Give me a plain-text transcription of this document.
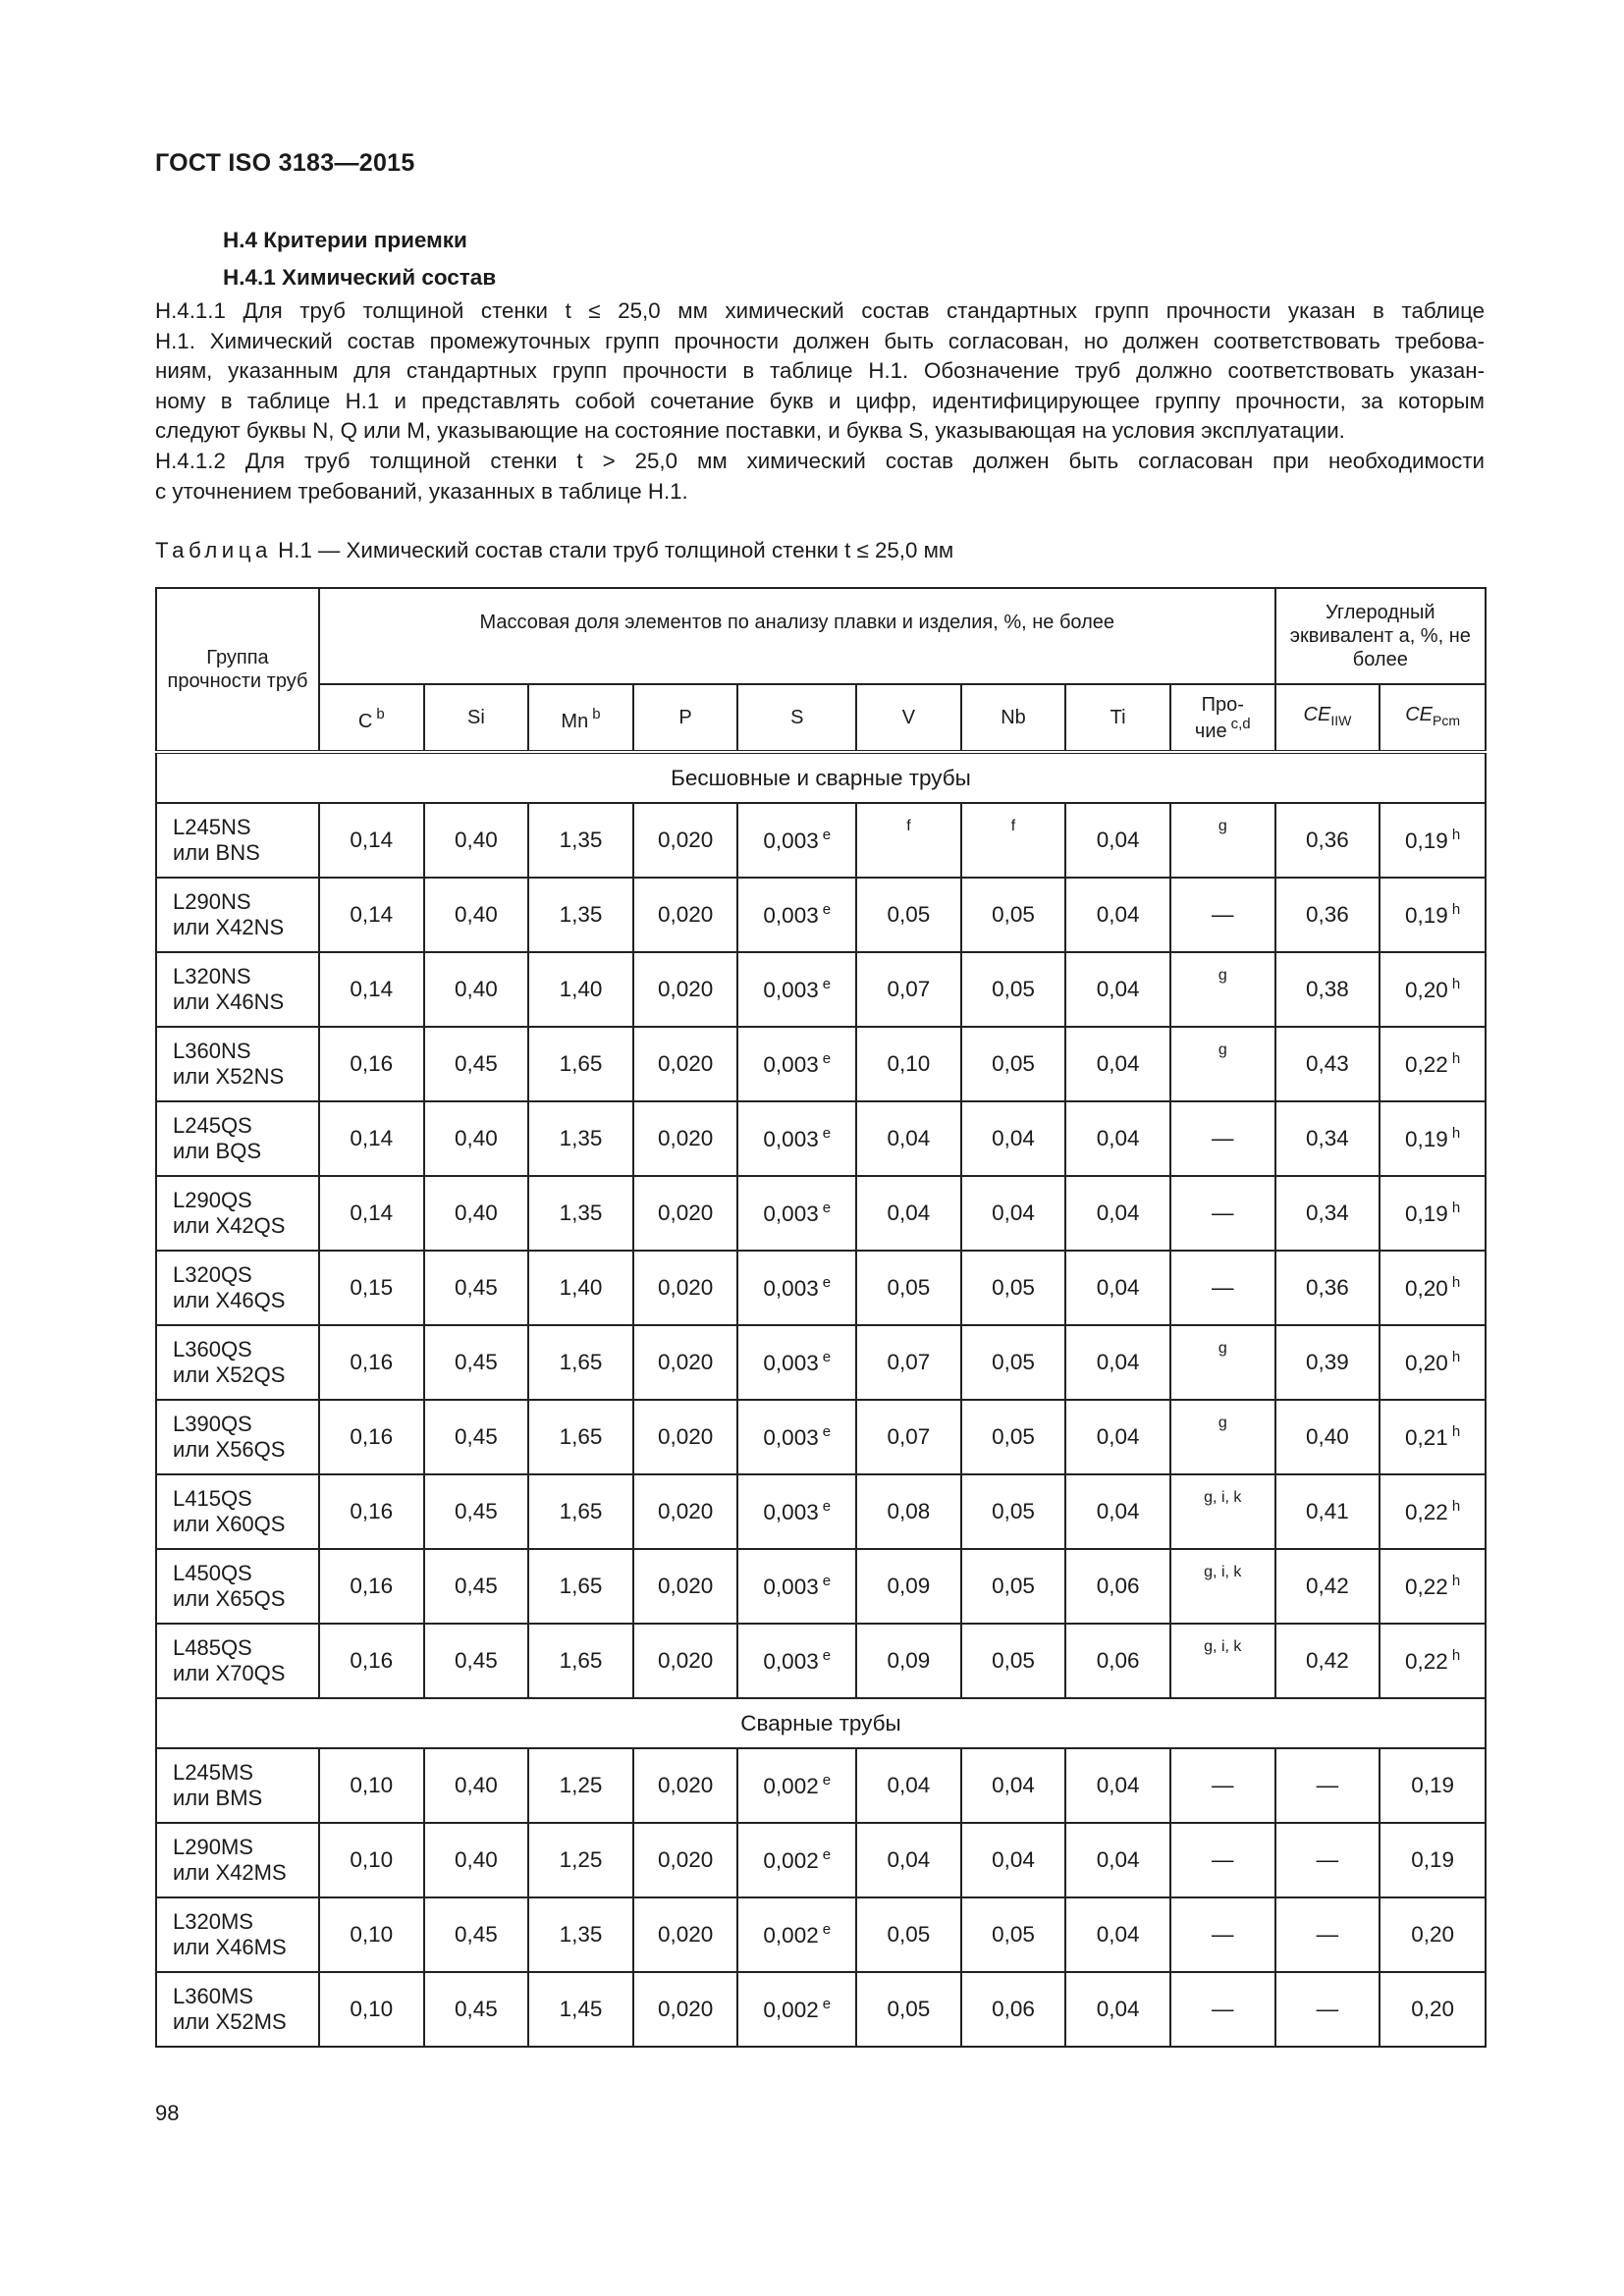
ГОСТ ISO 3183—2015
H.4 Критерии приемки
H.4.1 Химический состав
H.4.1.1 Для труб толщиной стенки t ≤ 25,0 мм химический состав стандартных групп прочности указан в таблице
H.1. Химический состав промежуточных групп прочности должен быть согласован, но должен соответствовать требова-
ниям, указанным для стандартных групп прочности в таблице H.1. Обозначение труб должно соответствовать указан-
ному в таблице H.1 и представлять собой сочетание букв и цифр, идентифицирующее группу прочности, за которым
следуют буквы N, Q или M, указывающие на состояние поставки, и буква S, указывающая на условия эксплуатации.
H.4.1.2 Для труб толщиной стенки t > 25,0 мм химический состав должен быть согласован при необходимости
с уточнением требований, указанных в таблице H.1.
Таблица H.1 — Химический состав стали труб толщиной стенки t ≤ 25,0 мм
Группа прочности труб	Массовая доля элементов по анализу плавки и изделия, %, не более									Углеродный эквивалент а, %, не более	
	C $^b$	Si	Mn $^b$	P	S	V	Nb	Ti	Про-чие $^{c,d}$	$CE_{IIW}$	$CE_{Pcm}$
Бесшовные и сварные трубы											

L245NS
или BNS	0,14	0,40	1,35	0,020	0,003 $^e$	f	f	0,04	g	0,36	0,19 $^h$

L290NS
или X42NS	0,14	0,40	1,35	0,020	0,003 $^e$	0,05	0,05	0,04	—	0,36	0,19 $^h$

L320NS
или X46NS	0,14	0,40	1,40	0,020	0,003 $^e$	0,07	0,05	0,04	g	0,38	0,20 $^h$

L360NS
или X52NS	0,16	0,45	1,65	0,020	0,003 $^e$	0,10	0,05	0,04	g	0,43	0,22 $^h$

L245QS
или BQS	0,14	0,40	1,35	0,020	0,003 $^e$	0,04	0,04	0,04	—	0,34	0,19 $^h$

L290QS
или X42QS	0,14	0,40	1,35	0,020	0,003 $^e$	0,04	0,04	0,04	—	0,34	0,19 $^h$

L320QS
или X46QS	0,15	0,45	1,40	0,020	0,003 $^e$	0,05	0,05	0,04	—	0,36	0,20 $^h$

L360QS
или X52QS	0,16	0,45	1,65	0,020	0,003 $^e$	0,07	0,05	0,04	g	0,39	0,20 $^h$

L390QS
или X56QS	0,16	0,45	1,65	0,020	0,003 $^e$	0,07	0,05	0,04	g	0,40	0,21 $^h$

L415QS
или X60QS	0,16	0,45	1,65	0,020	0,003 $^e$	0,08	0,05	0,04	g, i, k	0,41	0,22 $^h$

L450QS
или X65QS	0,16	0,45	1,65	0,020	0,003 $^e$	0,09	0,05	0,06	g, i, k	0,42	0,22 $^h$

L485QS
или X70QS	0,16	0,45	1,65	0,020	0,003 $^e$	0,09	0,05	0,06	g, i, k	0,42	0,22 $^h$
Сварные трубы											

L245MS
или BMS	0,10	0,40	1,25	0,020	0,002 $^e$	0,04	0,04	0,04	—	—	0,19

L290MS
или X42MS	0,10	0,40	1,25	0,020	0,002 $^e$	0,04	0,04	0,04	—	—	0,19

L320MS
или X46MS	0,10	0,45	1,35	0,020	0,002 $^e$	0,05	0,05	0,04	—	—	0,20

L360MS
или X52MS	0,10	0,45	1,45	0,020	0,002 $^e$	0,05	0,06	0,04	—	—	0,20
98
